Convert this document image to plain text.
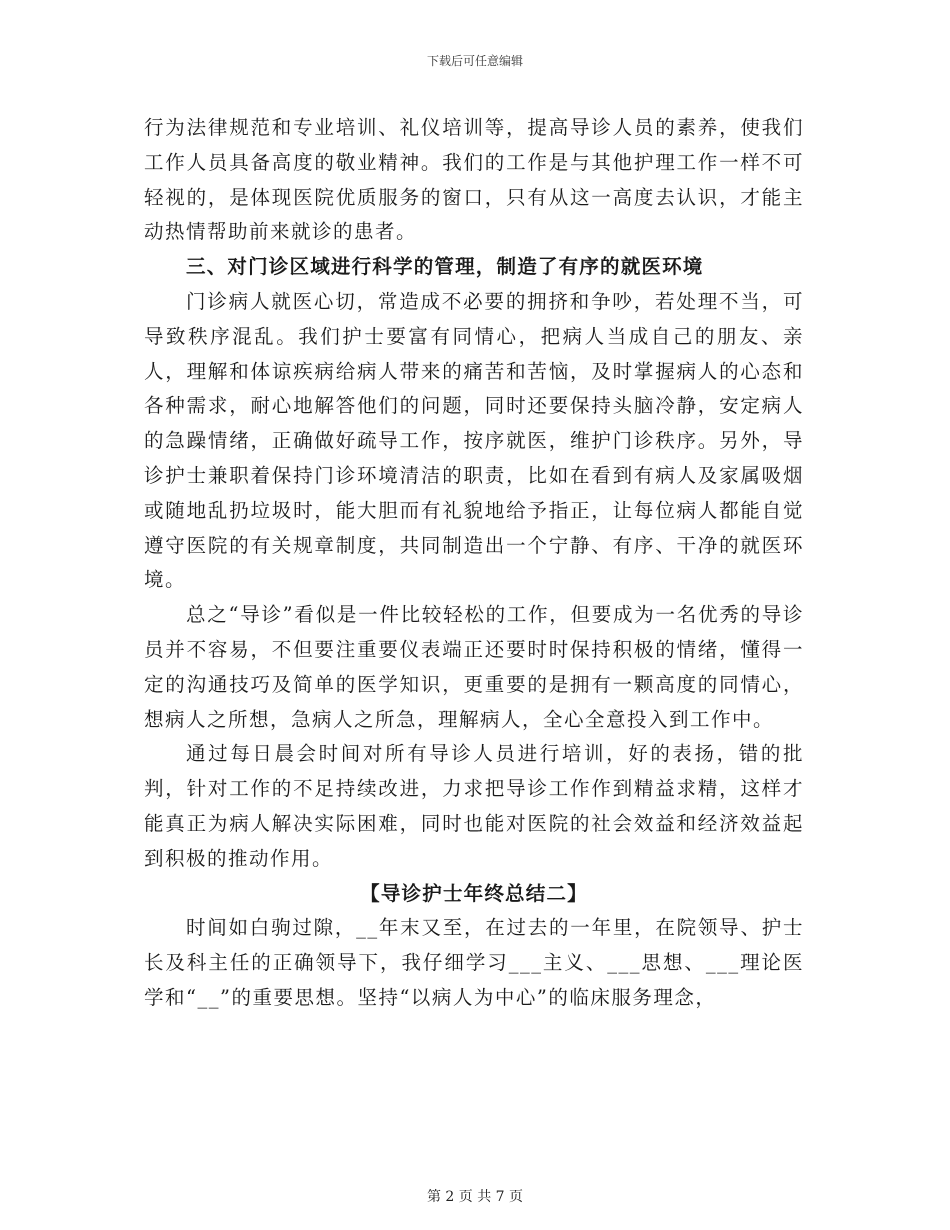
下载后可任意编辑

行为法律规范和专业培训、礼仪培训等，提高导诊人员的素养，使我们工作人员具备高度的敬业精神。我们的工作是与其他护理工作一样不可轻视的，是体现医院优质服务的窗口，只有从这一高度去认识，才能主动热情帮助前来就诊的患者。

三、对门诊区域进行科学的管理，制造了有序的就医环境

门诊病人就医心切，常造成不必要的拥挤和争吵，若处理不当，可导致秩序混乱。我们护士要富有同情心，把病人当成自己的朋友、亲人，理解和体谅疾病给病人带来的痛苦和苦恼，及时掌握病人的心态和各种需求，耐心地解答他们的问题，同时还要保持头脑冷静，安定病人的急躁情绪，正确做好疏导工作，按序就医，维护门诊秩序。另外，导诊护士兼职着保持门诊环境清洁的职责，比如在看到有病人及家属吸烟或随地乱扔垃圾时，能大胆而有礼貌地给予指正，让每位病人都能自觉遵守医院的有关规章制度，共同制造出一个宁静、有序、干净的就医环境。

总之“导诊”看似是一件比较轻松的工作，但要成为一名优秀的导诊员并不容易，不但要注重要仪表端正还要时时保持积极的情绪，懂得一定的沟通技巧及简单的医学知识，更重要的是拥有一颗高度的同情心，想病人之所想，急病人之所急，理解病人，全心全意投入到工作中。

通过每日晨会时间对所有导诊人员进行培训，好的表扬，错的批判，针对工作的不足持续改进，力求把导诊工作作到精益求精，这样才能真正为病人解决实际困难，同时也能对医院的社会效益和经济效益起到积极的推动作用。

【导诊护士年终总结二】

时间如白驹过隙，__年末又至，在过去的一年里，在院领导、护士长及科主任的正确领导下，我仔细学习___主义、___思想、___理论医学和“__”的重要思想。坚持“以病人为中心”的临床服务理念，

第 2 页 共 7 页
